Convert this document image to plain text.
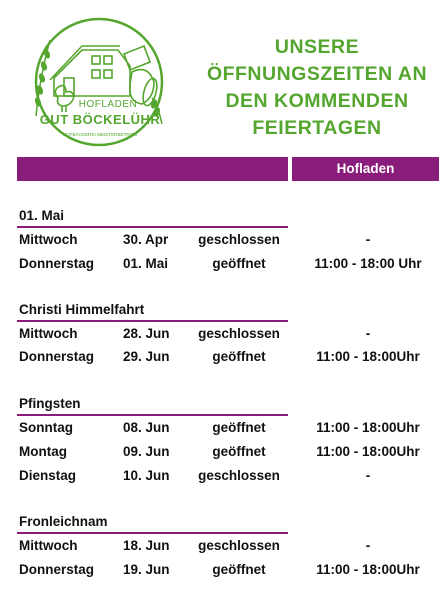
HOFLADEN
GUT BÖCKELÜHR
HOFBÄCKEREI MEISTERBETRIEB
UNSERE
ÖFFNUNGSZEITEN AN
DEN KOMMENDEN
FEIERTAGEN
Hofladen
01. Mai
Mittwoch	30. Apr	geschlossen	-
Donnerstag 01. Mai	geöffnet	11:00 - 18:00 Uhr
Christi Himmelfahrt
Mittwoch	28. Jun	geschlossen	-
Donnerstag 29. Jun	geöffnet	11:00 - 18:00Uhr
Pfingsten
Sonntag	08. Jun	geöffnet	11:00 - 18:00Uhr
Montag	09. Jun	geöffnet	11:00 - 18:00Uhr
Dienstag	10. Jun	geschlossen	-
Fronleichnam
Mittwoch	18. Jun	geschlossen	-
Donnerstag 19. Jun	geöffnet	11:00 - 18:00Uhr
